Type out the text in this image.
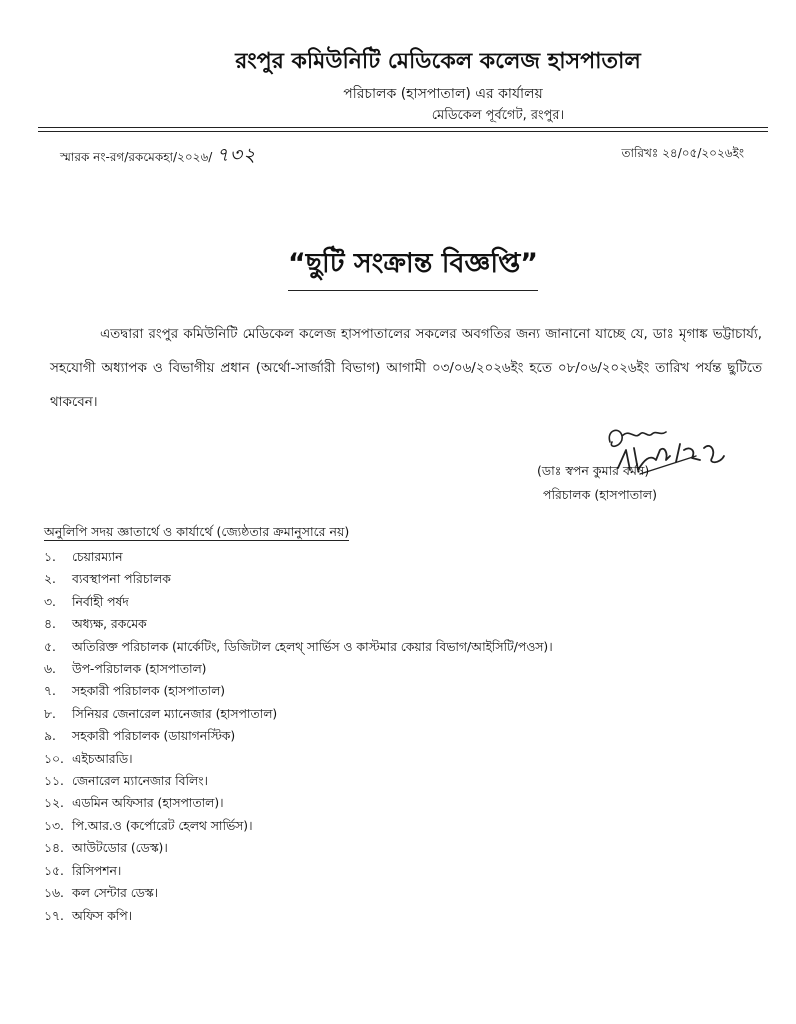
রংপুর কমিউনিটি মেডিকেল কলেজ হাসপাতাল
পরিচালক (হাসপাতাল) এর কার্যালয়
মেডিকেল পূর্বগেট, রংপুর।
স্মারক নং-রগ/রকমেকহা/২০২৬/ ৭৩২	তারিখঃ ২৪/০৫/২০২৬ইং
“ছুটি সংক্রান্ত বিজ্ঞপ্তি”
এতদ্বারা রংপুর কমিউনিটি মেডিকেল কলেজ হাসপাতালের সকলের অবগতির জন্য জানানো যাচ্ছে যে, ডাঃ মৃগাঙ্ক ভট্টাচার্য্য, সহযোগী অধ্যাপক ও বিভাগীয় প্রধান (অর্থো-সার্জারী বিভাগ) আগামী ০৩/০৬/২০২৬ইং হতে ০৮/০৬/২০২৬ইং তারিখ পর্যন্ত ছুটিতে থাকবেন।
(ডাঃ স্বপন কুমার বর্মন)
পরিচালক (হাসপাতাল)
অনুলিপি সদয় জ্ঞাতার্থে ও কার্যার্থে (জ্যেষ্ঠতার ক্রমানুসারে নয়)
১. চেয়ারম্যান
২. ব্যবস্থাপনা পরিচালক
৩. নির্বাহী পর্ষদ
৪. অধ্যক্ষ, রকমেক
৫. অতিরিক্ত পরিচালক (মার্কেটিং, ডিজিটাল হেলথ্‌ সার্ভিস ও কাস্টমার কেয়ার বিভাগ/আইসিটি/পওস)।
৬. উপ-পরিচালক (হাসপাতাল)
৭. সহকারী পরিচালক (হাসপাতাল)
৮. সিনিয়র জেনারেল ম্যানেজার (হাসপাতাল)
৯. সহকারী পরিচালক (ডায়াগনস্টিক)
১০. এইচআরডি।
১১. জেনারেল ম্যানেজার বিলিং।
১২. এডমিন অফিসার (হাসপাতাল)।
১৩. পি.আর.ও (কর্পোরেট হেলথ সার্ভিস)।
১৪. আউটডোর (ডেস্ক)।
১৫. রিসিপশন।
১৬. কল সেন্টার ডেস্ক।
১৭. অফিস কপি।
